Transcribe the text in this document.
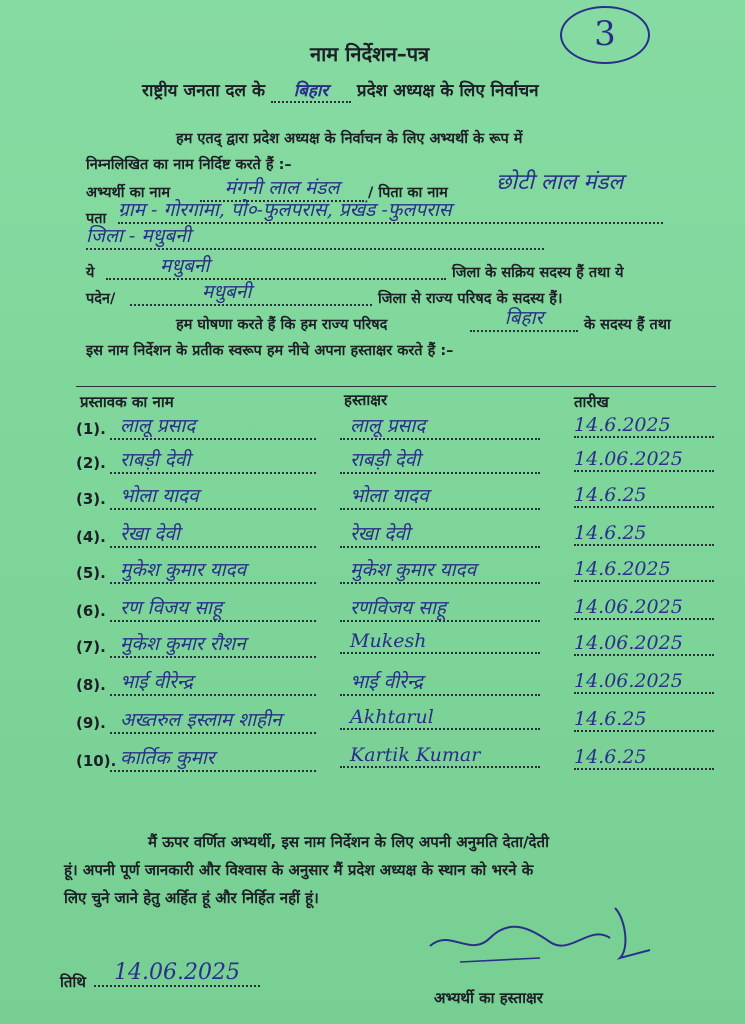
3
नाम निर्देशन–पत्र
राष्ट्रीय जनता दल के बिहार प्रदेश अध्यक्ष के लिए निर्वाचन
हम एतद् द्वारा प्रदेश अध्यक्ष के निर्वाचन के लिए अभ्यर्थी के रूप में
निम्नलिखित का नाम निर्दिष्ट करते हैं :–
अभ्यर्थी का नाम	मंगनी लाल मंडल	/ पिता का नाम छोटी लाल मंडल
पता ग्राम - गोरगामा, पो०-फुलपरास, प्रखंड -फुलपरास
जिला - मधुबनी
ये	मधुबनी	जिला के सक्रिय सदस्य हैं तथा ये
पदेन/	मधुबनी	जिला से राज्य परिषद के सदस्य हैं।
हम घोषणा करते हैं कि हम राज्य परिषद	बिहार	के सदस्य हैं तथा
इस नाम निर्देशन के प्रतीक स्वरूप हम नीचे अपना हस्ताक्षर करते हैं :–
प्रस्तावक का नाम	हस्ताक्षर	तारीख
(1). लालू प्रसाद	लालू प्रसाद	14.6.2025
(2). राबड़ी देवी	राबड़ी देवी	14.06.2025
(3). भोला यादव	भोला यादव	14.6.25
(4). रेखा देवी	रेखा देवी	14.6.25
(5). मुकेश कुमार यादव	मुकेश कुमार यादव	14.6.2025
(6). रण विजय साहू	रणविजय साहू	14.06.2025
(7). मुकेश कुमार रौशन	Mukesh	14.06.2025
(8). भाई वीरेन्द्र	भाई वीरेन्द्र	14.06.2025
(9). अख्तरुल इस्लाम शाहीन	Akhtarul	14.6.25
(10). कार्तिक कुमार	Kartik Kumar	14.6.25
मैं ऊपर वर्णित अभ्यर्थी, इस नाम निर्देशन के लिए अपनी अनुमति देता/देती
हूं। अपनी पूर्ण जानकारी और विश्वास के अनुसार मैं प्रदेश अध्यक्ष के स्थान को भरने के
लिए चुने जाने हेतु अर्हित हूं और निर्हित नहीं हूं।
तिथि	14.06.2025
अभ्यर्थी का हस्ताक्षर
